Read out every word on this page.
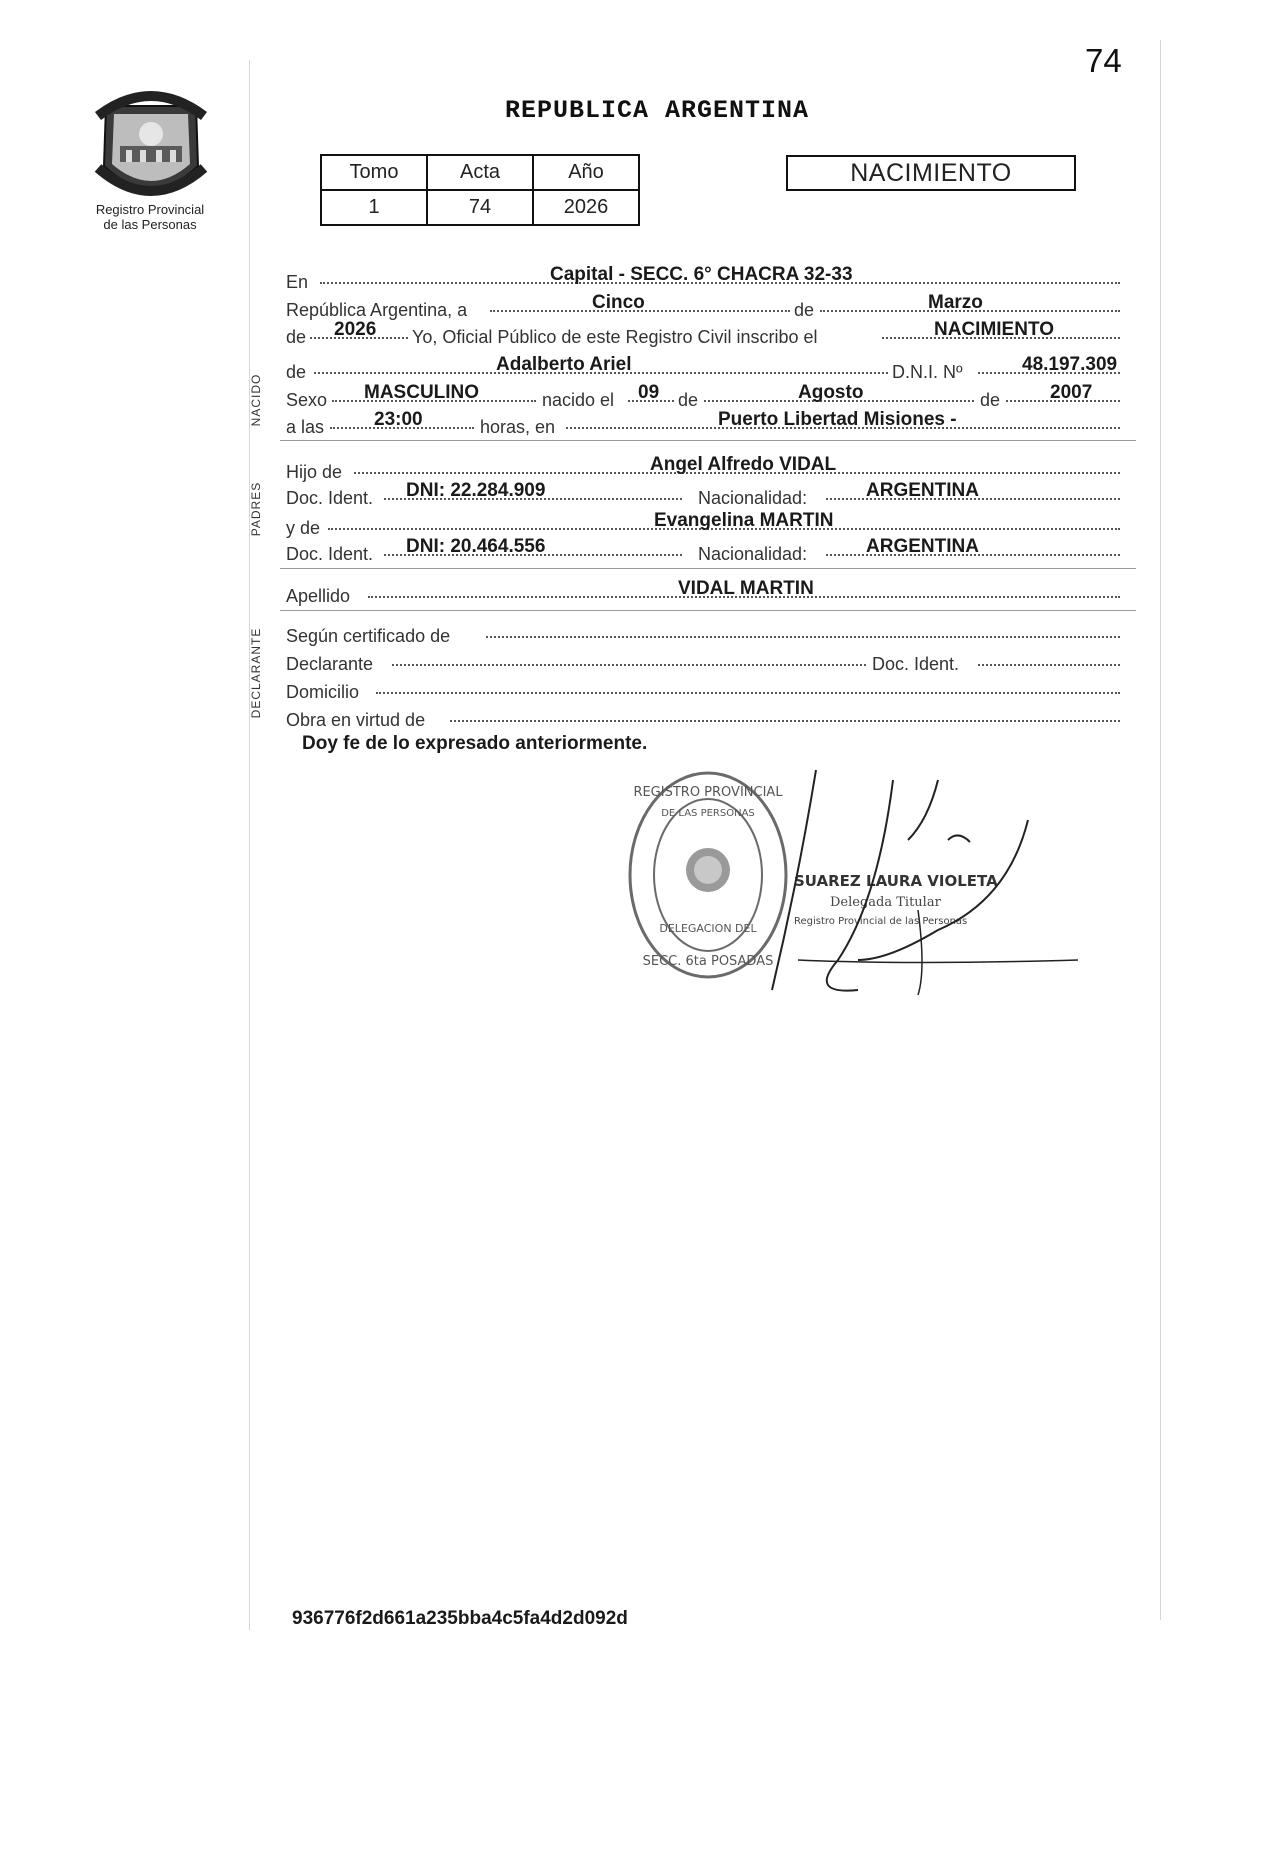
74
Registro Provincial
de las Personas
REPUBLICA ARGENTINA
Tomo	Acta	Año
1	74	2026
NACIMIENTO
NACIDO
PADRES
DECLARANTE
En	Capital - SECC. 6° CHACRA 32-33
República Argentina, a	Cinco	de	Marzo
de 2026 Yo, Oficial Público de este Registro Civil inscribo el	NACIMIENTO
de	Adalberto Ariel	D.N.I. Nº	48.197.309
Sexo MASCULINO	nacido el 09 de	Agosto	de	2007
a las	23:00	horas, en	Puerto Libertad Misiones -
Hijo de	Angel Alfredo VIDAL
Doc. Ident. DNI: 22.284.909	Nacionalidad:	ARGENTINA
y de	Evangelina MARTIN
Doc. Ident. DNI: 20.464.556	Nacionalidad:	ARGENTINA
Apellido	VIDAL MARTIN
Según certificado de
Declarante	Doc. Ident.
Domicilio
Obra en virtud de
Doy fe de lo expresado anteriormente.
REGISTRO PROVINCIAL
SECC. 6ta POSADAS
DELEGACION DEL
DE LAS PERSONAS
SUAREZ LAURA VIOLETA
Delegada Titular
Registro Provincial de las Personas
936776f2d661a235bba4c5fa4d2d092d
